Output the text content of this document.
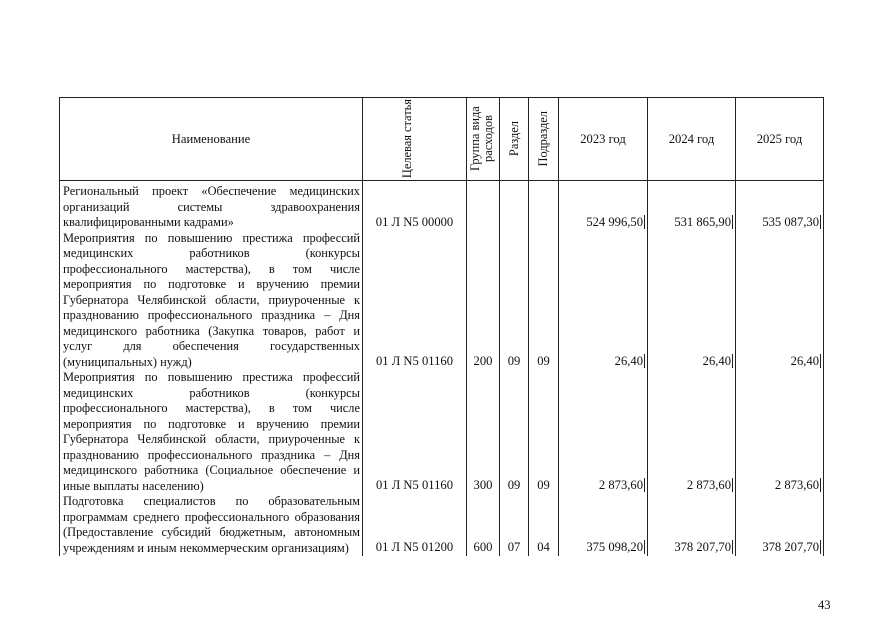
Наименование	Целевая статья	Группа вида расходов	Раздел	Подраздел	2023 год	2024 год	2025 год
Региональный проект «Обеспечение медицинских организаций системы здравоохранения квалифицированными кадрами»	01 Л N5 00000				524 996,50	531 865,90	535 087,30
Мероприятия по повышению престижа профессий медицинских работников (конкурсы профессионального мастерства), в том числе мероприятия по подготовке и вручению премии Губернатора Челябинской области, приуроченные к празднованию профессионального праздника – Дня медицинского работника (Закупка товаров, работ и услуг для обеспечения государственных (муниципальных) нужд)	01 Л N5 01160	200	09	09	26,40	26,40	26,40
Мероприятия по повышению престижа профессий медицинских работников (конкурсы профессионального мастерства), в том числе мероприятия по подготовке и вручению премии Губернатора Челябинской области, приуроченные к празднованию профессионального праздника – Дня медицинского работника (Социальное обеспечение и иные выплаты населению)	01 Л N5 01160	300	09	09	2 873,60	2 873,60	2 873,60
Подготовка специалистов по образовательным программам среднего профессионального образования (Предоставление субсидий бюджетным, автономным учреждениям и иным некоммерческим организациям)	01 Л N5 01200	600	07	04	375 098,20	378 207,70	378 207,70
43
